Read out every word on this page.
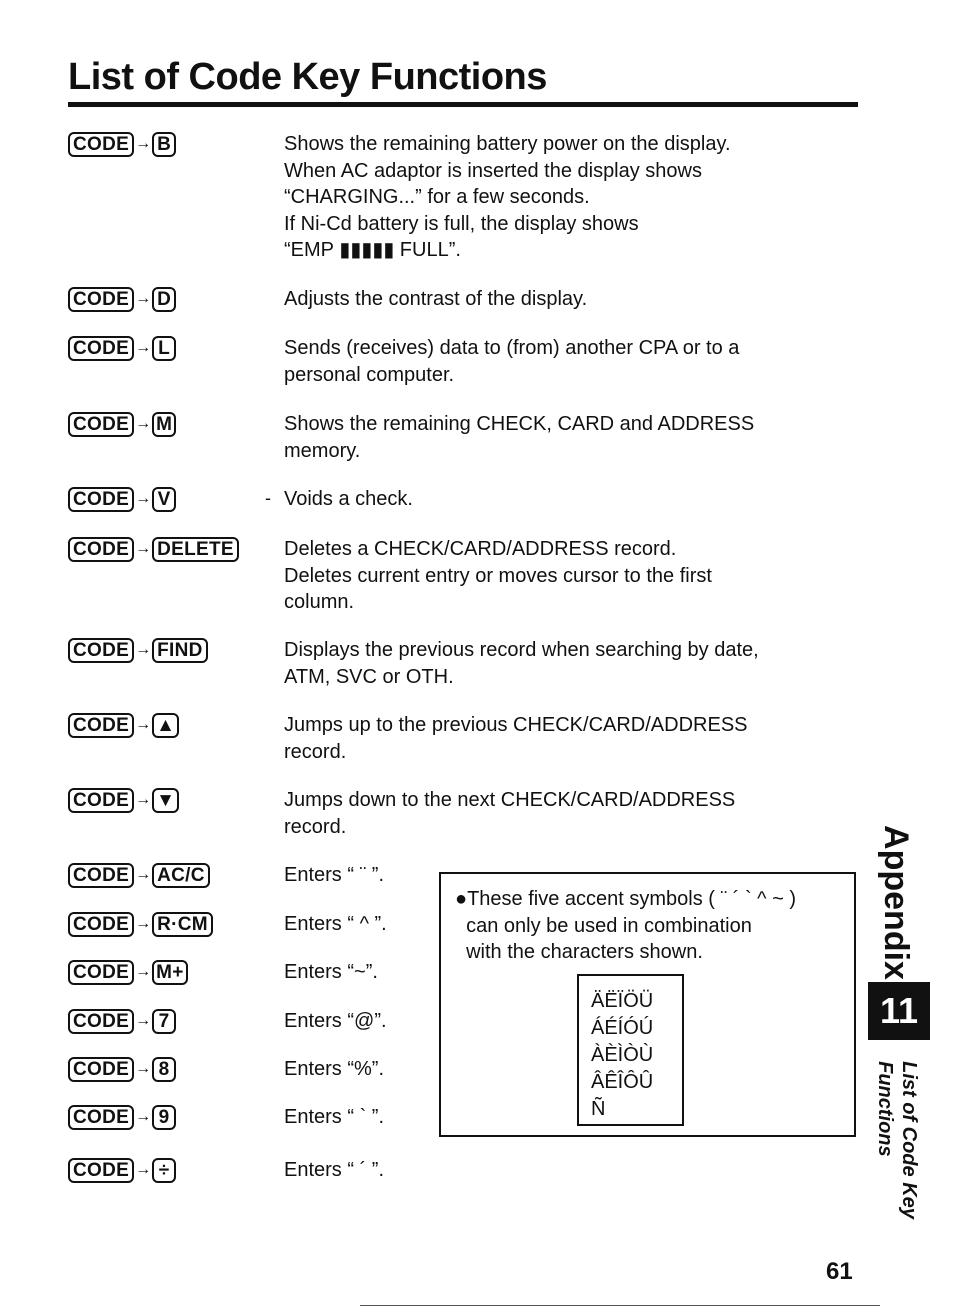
List of Code Key Functions
CODE → B	Shows the remaining battery power on the display.
When AC adaptor is inserted the display shows
“CHARGING...” for a few seconds.
If Ni-Cd battery is full, the display shows
“EMP ▮▮▮▮▮ FULL”.
CODE → D	Adjusts the contrast of the display.
CODE → L	Sends (receives) data to (from) another CPA or to a
personal computer.
CODE → M	Shows the remaining CHECK, CARD and ADDRESS
memory.
CODE → V	Voids a check.
CODE → DELETE	Deletes a CHECK/CARD/ADDRESS record.
Deletes current entry or moves cursor to the first
column.
CODE → FIND	Displays the previous record when searching by date,
ATM, SVC or OTH.
CODE → ▲	Jumps up to the previous CHECK/CARD/ADDRESS
record.
CODE → ▼	Jumps down to the next CHECK/CARD/ADDRESS
record.
CODE → AC/C	Enters “ ¨ ”.
CODE → R·CM	Enters “ ^ ”.
CODE → M+	Enters “~”.
CODE → 7	Enters “@”.
CODE → 8	Enters “%”.
CODE → 9	Enters “ ` ”.
CODE → ÷	Enters “ ´ ”.
-
●These five accent symbols ( ¨ ´ ` ^ ~ )
can only be used in combination
with the characters shown.
ÄËÏÖÜ
ÁÉÍÓÚ
ÀÈÌÒÙ
ÂÊÎÔÛ
Ñ
Appendix
11
List of Code Key
Functions
61
